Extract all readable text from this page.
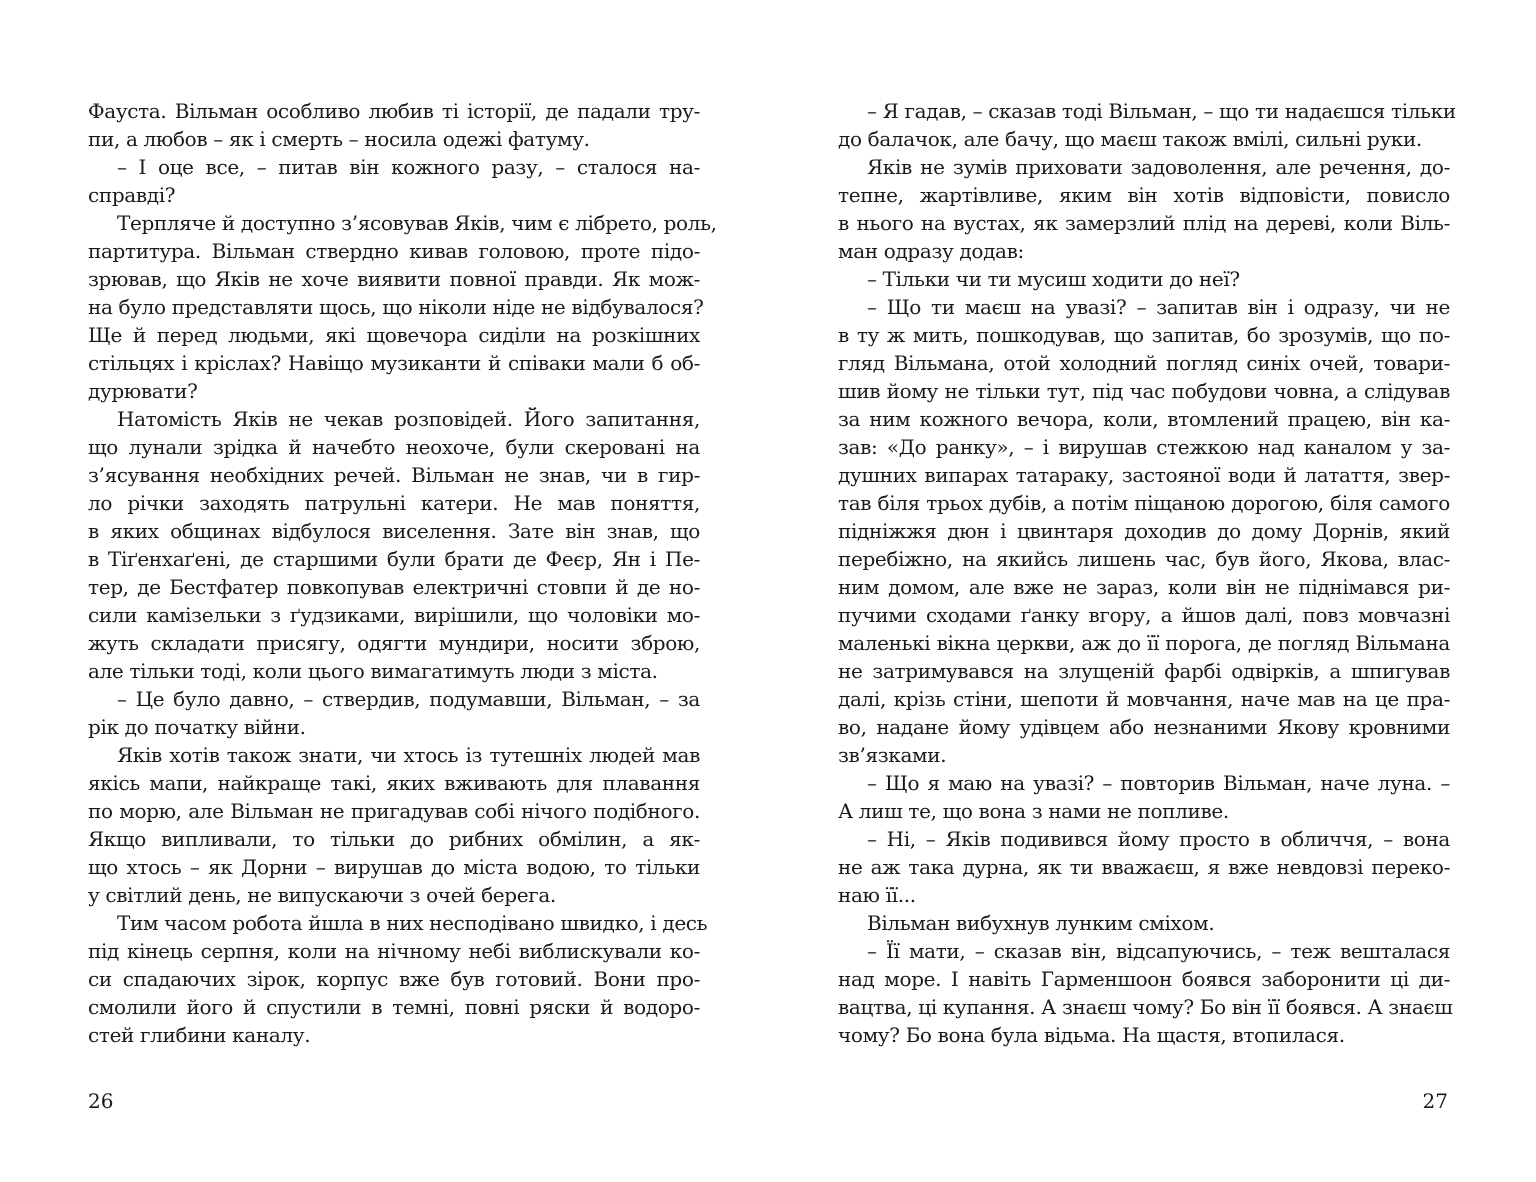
Фауста. Вільман особливо любив ті історії, де падали тру-
пи, а любов – як і смерть – носила одежі фатуму.
– І оце все, – питав він кожного разу, – сталося на-
справді?
Терпляче й доступно з’ясовував Яків, чим є лібрето, роль,
партитура. Вільман ствердно кивав головою, проте підо-
зрював, що Яків не хоче виявити повної правди. Як мож-
на було представляти щось, що ніколи ніде не відбувалося?
Ще й перед людьми, які щовечора сиділи на розкішних
стільцях і кріслах? Навіщо музиканти й співаки мали б об-
дурювати?
Натомість Яків не чекав розповідей. Його запитання,
що лунали зрідка й начебто неохоче, були скеровані на
з’ясування необхідних речей. Вільман не знав, чи в гир-
ло річки заходять патрульні катери. Не мав поняття,
в яких общинах відбулося виселення. Зате він знав, що
в Тіґенхаґені, де старшими були брати де Феєр, Ян і Пе-
тер, де Бестфатер повкопував електричні стовпи й де но-
сили камізельки з ґудзиками, вирішили, що чоловіки мо-
жуть складати присягу, одягти мундири, носити зброю,
але тільки тоді, коли цього вимагатимуть люди з міста.
– Це було давно, – ствердив, подумавши, Вільман, – за
рік до початку війни.
Яків хотів також знати, чи хтось із тутешніх людей мав
якісь мапи, найкраще такі, яких вживають для плавання
по морю, але Вільман не пригадував собі нічого подібного.
Якщо випливали, то тільки до рибних обмілин, а як-
що хтось – як Дорни – вирушав до міста водою, то тільки
у світлий день, не випускаючи з очей берега.
Тим часом робота йшла в них несподівано швидко, і десь
під кінець серпня, коли на нічному небі виблискували ко-
си спадаючих зірок, корпус вже був готовий. Вони про-
смолили його й спустили в темні, повні ряски й водоро-
стей глибини каналу.
– Я гадав, – сказав тоді Вільман, – що ти надаєшся тільки
до балачок, але бачу, що маєш також вмілі, сильні руки.
Яків не зумів приховати задоволення, але речення, до-
тепне, жартівливе, яким він хотів відповісти, повисло
в нього на вустах, як замерзлий плід на дереві, коли Віль-
ман одразу додав:
– Тільки чи ти мусиш ходити до неї?
– Що ти маєш на увазі? – запитав він і одразу, чи не
в ту ж мить, пошкодував, що запитав, бо зрозумів, що по-
гляд Вільмана, отой холодний погляд синіх очей, товари-
шив йому не тільки тут, під час побудови човна, а слідував
за ним кожного вечора, коли, втомлений працею, він ка-
зав: «До ранку», – і вирушав стежкою над каналом у за-
душних випарах татараку, застояної води й латаття, звер-
тав біля трьох дубів, а потім піщаною дорогою, біля самого
підніжжя дюн і цвинтаря доходив до дому Дорнів, який
перебіжно, на якийсь лишень час, був його, Якова, влас-
ним домом, але вже не зараз, коли він не піднімався ри-
пучими сходами ґанку вгору, а йшов далі, повз мовчазні
маленькі вікна церкви, аж до її порога, де погляд Вільмана
не затримувався на злущеній фарбі одвірків, а шпигував
далі, крізь стіни, шепоти й мовчання, наче мав на це пра-
во, надане йому удівцем або незнаними Якову кровними
зв’язками.
– Що я маю на увазі? – повторив Вільман, наче луна. –
А лиш те, що вона з нами не попливе.
– Ні, – Яків подивився йому просто в обличчя, – вона
не аж така дурна, як ти вважаєш, я вже невдовзі переко-
наю її...
Вільман вибухнув лунким сміхом.
– Її мати, – сказав він, відсапуючись, – теж вешталася
над море. І навіть Гарменшоон боявся заборонити ці ди-
вацтва, ці купання. А знаєш чому? Бо він її боявся. А знаєш
чому? Бо вона була відьма. На щастя, втопилася.
26	27
